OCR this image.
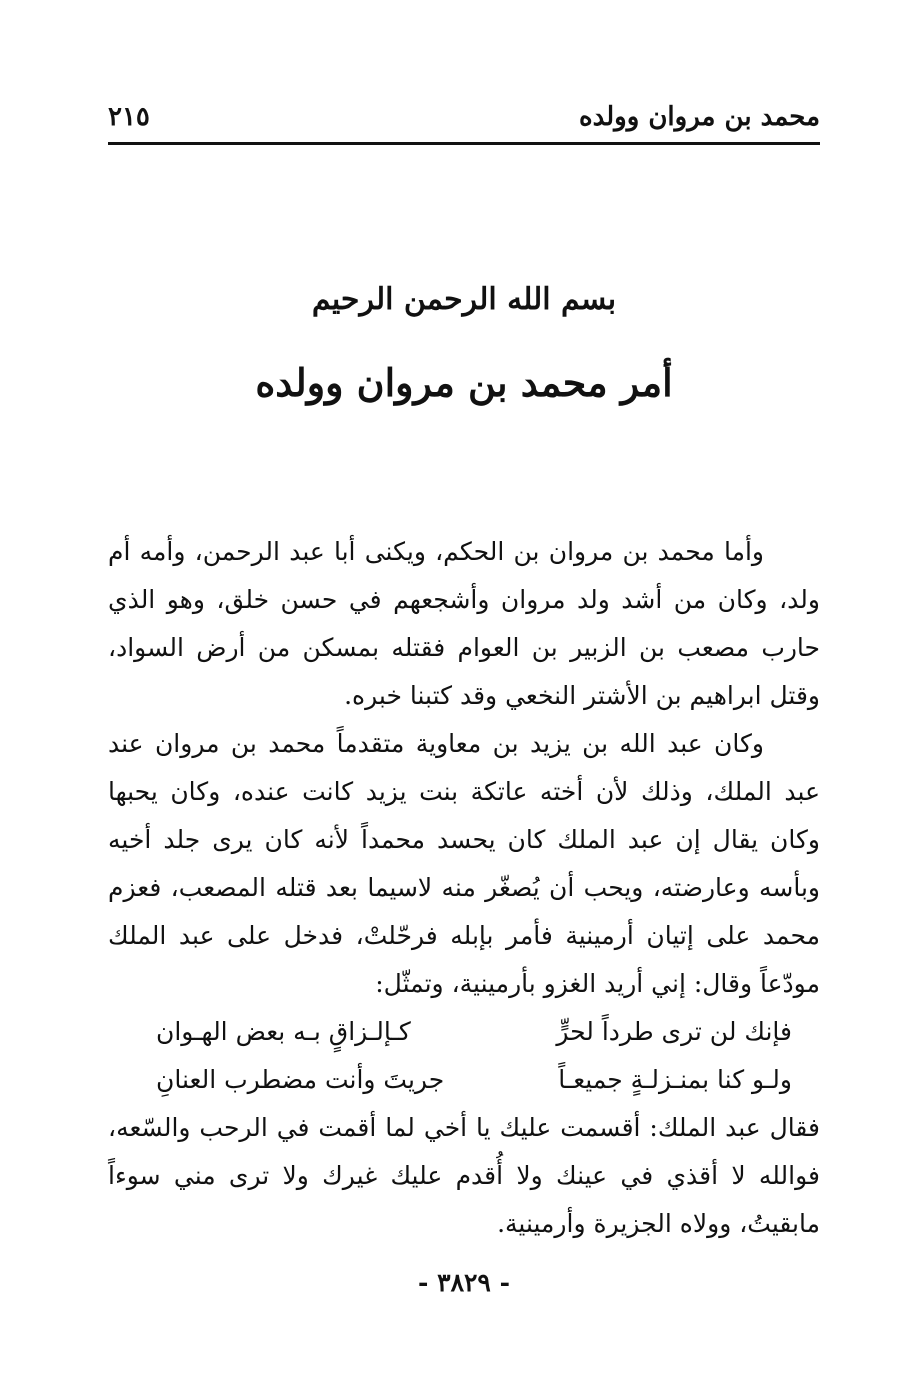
محمد بن مروان وولده
٢١٥
بسم الله الرحمن الرحيم
أمر محمد بن مروان وولده

وأما محمد بن مروان بن الحكم، ويكنى أبا عبد الرحمن، وأمه أم ولد، وكان من أشد ولد مروان وأشجعهم في حسن خلق، وهو الذي حارب مصعب بن الزبير بن العوام فقتله بمسكن من أرض السواد، وقتل ابراهيم بن الأشتر النخعي وقد كتبنا خبره.

وكان عبد الله بن يزيد بن معاوية متقدماً محمد بن مروان عند عبد الملك، وذلك لأن أخته عاتكة بنت يزيد كانت عنده، وكان يحبها وكان يقال إن عبد الملك كان يحسد محمداً لأنه كان يرى جلد أخيه وبأسه وعارضته، ويحب أن يُصغّر منه لاسيما بعد قتله المصعب، فعزم محمد على إتيان أرمينية فأمر بإبله فرحّلتْ، فدخل على عبد الملك مودّعاً وقال: إني أريد الغزو بأرمينية، وتمثّل:

فإنك لن ترى طرداً لحرٍّ
كـإلـزاقٍ بـه بعض الهـوان
ولـو كنا بمنـزلـةٍ جميعـاً
جريتَ وأنت مضطرب العنانِ

فقال عبد الملك: أقسمت عليك يا أخي لما أقمت في الرحب والسّعه، فوالله لا أقذي في عينك ولا أُقدم عليك غيرك ولا ترى مني سوءاً مابقيتُ، وولاه الجزيرة وأرمينية.

- ٣٨٢٩ -
